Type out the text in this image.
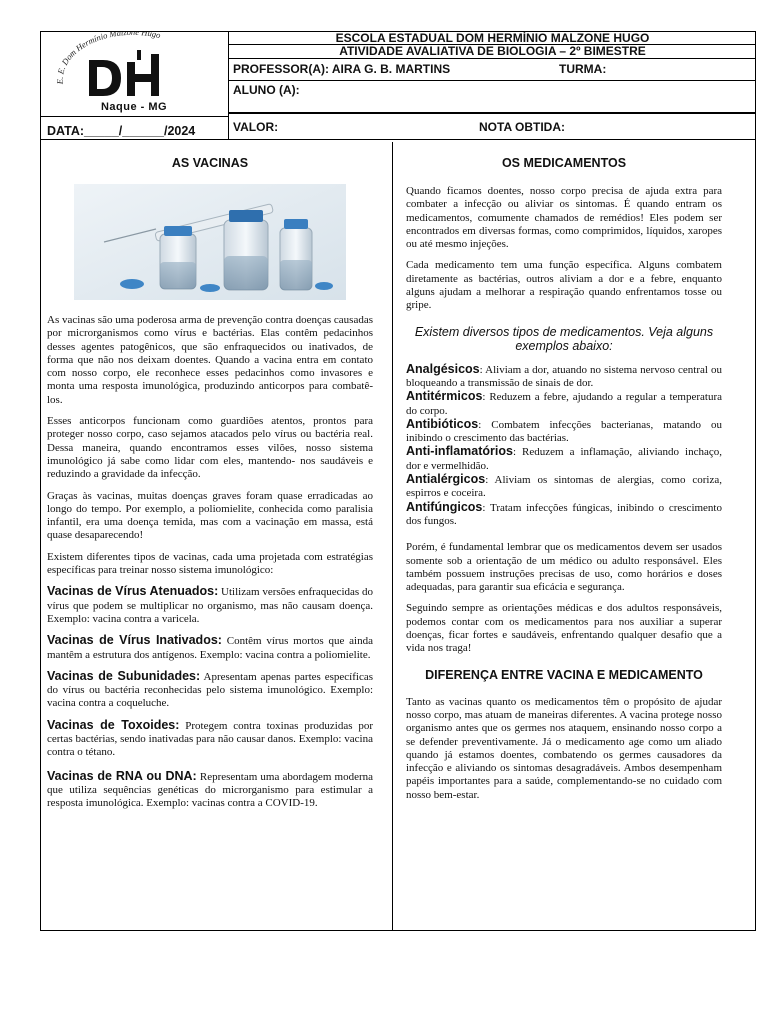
E. E. Dom Hermínio Malz Hugo
Naque - MG
DATA:_____/______/2024
ESCOLA ESTADUAL DOM HERMÍNIO MALZONE HUGO
ATIVIDADE AVALIATIVA DE BIOLOGIA – 2º BIMESTRE
PROFESSOR(A): AIRA G. B. MARTINS	TURMA:
ALUNO (A):
VALOR:	NOTA OBTIDA:
AS VACINAS

As vacinas são uma poderosa arma de prevenção contra doenças causadas por microrganismos como vírus e bactérias. Elas contêm pedacinhos desses agentes patogênicos, que são enfraquecidos ou inativados, de forma que não nos deixam doentes. Quando a vacina entra em contato com nosso corpo, ele reconhece esses pedacinhos como invasores e monta uma resposta imunológica, produzindo anticorpos para combatê-los.

Esses anticorpos funcionam como guardiões atentos, prontos para proteger nosso corpo, caso sejamos atacados pelo vírus ou bactéria real. Dessa maneira, quando encontramos esses vilões, nosso sistema imunológico já sabe como lidar com eles, mantendo- nos saudáveis e reduzindo a gravidade da infecção.

Graças às vacinas, muitas doenças graves foram quase erradicadas ao longo do tempo. Por exemplo, a poliomielite, conhecida como paralisia infantil, era uma doença temida, mas com a vacinação em massa, está quase desaparecendo!

Existem diferentes tipos de vacinas, cada uma projetada com estratégias específicas para treinar nosso sistema imunológico:

Vacinas de Vírus Atenuados: Utilizam versões enfraquecidas do vírus que podem se multiplicar no organismo, mas não causam doença. Exemplo: vacina contra a varicela.

Vacinas de Vírus Inativados: Contêm vírus mortos que ainda mantêm a estrutura dos antígenos. Exemplo: vacina contra a poliomielite.

Vacinas de Subunidades: Apresentam apenas partes específicas do vírus ou bactéria reconhecidas pelo sistema imunológico. Exemplo: vacina contra a coqueluche.

Vacinas de Toxoides: Protegem contra toxinas produzidas por certas bactérias, sendo inativadas para não causar danos. Exemplo: vacina contra o tétano.

Vacinas de RNA ou DNA: Representam uma abordagem moderna que utiliza sequências genéticas do microrganismo para estimular a resposta imunológica. Exemplo: vacinas contra a COVID-19.

OS MEDICAMENTOS

Quando ficamos doentes, nosso corpo precisa de ajuda extra para combater a infecção ou aliviar os sintomas. É quando entram os medicamentos, comumente chamados de remédios! Eles podem ser encontrados em diversas formas, como comprimidos, líquidos, xaropes ou até mesmo injeções.

Cada medicamento tem uma função específica. Alguns combatem diretamente as bactérias, outros aliviam a dor e a febre, enquanto alguns ajudam a melhorar a respiração quando enfrentamos tosse ou gripe.

Existem diversos tipos de medicamentos. Veja alguns exemplos abaixo:

Analgésicos: Aliviam a dor, atuando no sistema nervoso central ou bloqueando a transmissão de sinais de dor.

Antitérmicos: Reduzem a febre, ajudando a regular a temperatura do corpo.

Antibióticos: Combatem infecções bacterianas, matando ou inibindo o crescimento das bactérias.

Anti-inflamatórios: Reduzem a inflamação, aliviando inchaço, dor e vermelhidão.

Antialérgicos: Aliviam os sintomas de alergias, como coriza, espirros e coceira.

Antifúngicos: Tratam infecções fúngicas, inibindo o crescimento dos fungos.

Porém, é fundamental lembrar que os medicamentos devem ser usados somente sob a orientação de um médico ou adulto responsável. Eles também possuem instruções precisas de uso, como horários e doses adequadas, para garantir sua eficácia e segurança.

Seguindo sempre as orientações médicas e dos adultos responsáveis, podemos contar com os medicamentos para nos auxiliar a superar doenças, ficar fortes e saudáveis, enfrentando qualquer desafio que a vida nos traga!

DIFERENÇA ENTRE VACINA E MEDICAMENTO

Tanto as vacinas quanto os medicamentos têm o propósito de ajudar nosso corpo, mas atuam de maneiras diferentes. A vacina protege nosso organismo antes que os germes nos ataquem, ensinando nosso corpo a se defender preventivamente. Já o medicamento age como um aliado quando já estamos doentes, combatendo os germes causadores da infecção e aliviando os sintomas desagradáveis. Ambos desempenham papéis importantes para a saúde, complementando-se no cuidado com nosso bem-estar.
